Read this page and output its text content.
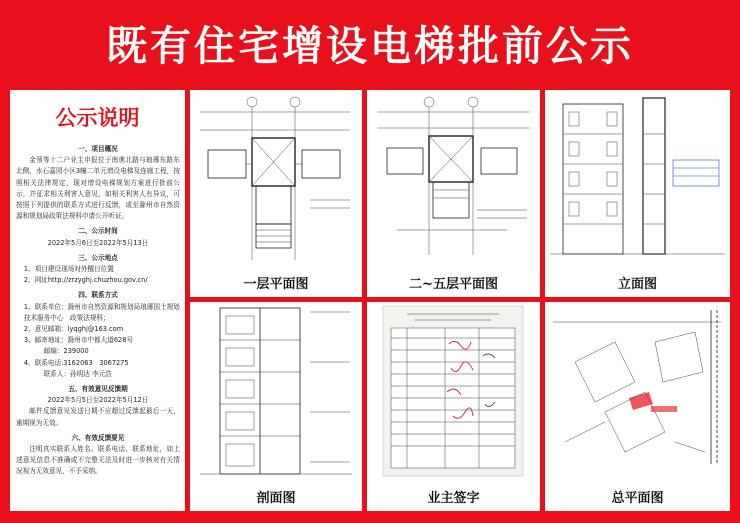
既有住宅增设电梯批前公示
公示说明
一、项目概况
金领等十二户业主申报位于南谯北路与琅琊东路东北侧，水石嘉园小区3幢二单元增设电梯及连廊工程，按照相关法律规定，现对增设电梯规划方案进行批前公示，并征求相关利害人意见，如相关利害人有异议，可按照下列提供的联系方式进行反馈，或至滁州市自然资源和规划局政策法规科申请公开听证。
二、公示时间
2022年5月6日至2022年5月13日
三、公示地点
1、项目建设现场对外醒目位置
2、网址http://zrzyghj.chuzhou.gov.cn/
四、联系方式
1、联系单位：滁州市自然资源和规划局琅琊国土规划技术服务中心　政策法规科；
2、意见邮箱：lyqghj@163.com
3、邮寄地址：滁州市中都大道628号
邮编：239000
4、联系电话:3162063　3067275
联系人：孙明达 李元浩
五、有效意见反馈期
2022年5月5日至2022年5月12日
邮件反馈意见发送日期不应超过反馈起最后一天，逾期视为无效。
六、有效反馈要见
注明真实联系人姓名、联系电话、联系地址，如上述意见信息不准确或不完整无法及时进一步核对有关情况视为无效意见，不予采纳。
一层平面图	二~五层平面图	立面图
剖面图	业主签字	总平面图
